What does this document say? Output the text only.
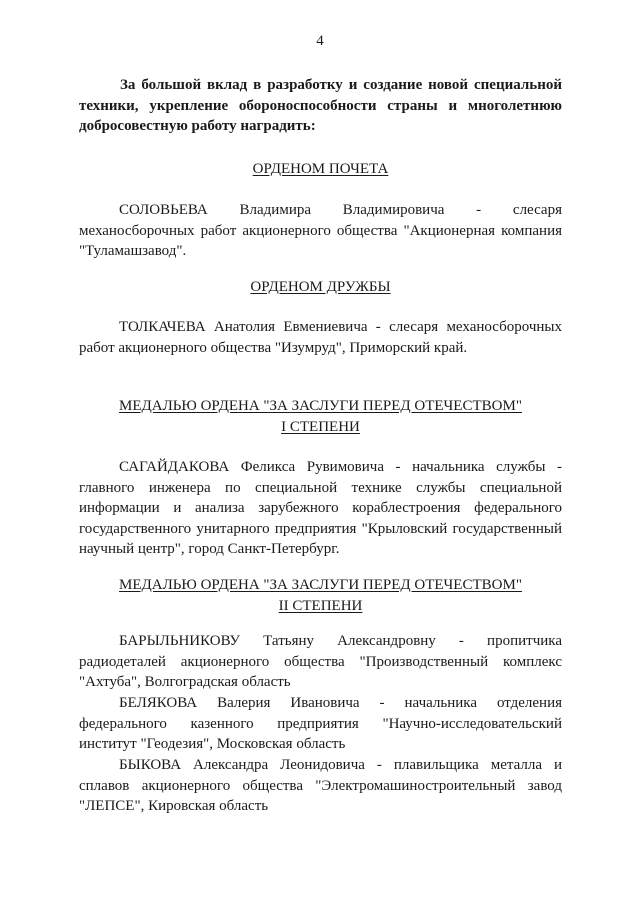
4
За большой вклад в разработку и создание новой специальной техники, укрепление обороноспособности страны и многолетнюю добросовестную работу наградить:
ОРДЕНОМ ПОЧЕТА

СОЛОВЬЕВА Владимира Владимировича - слесаря механосборочных работ акционерного общества "Акционерная компания "Туламашзавод".

ОРДЕНОМ ДРУЖБЫ

ТОЛКАЧЕВА Анатолия Евмениевича - слесаря механосборочных работ акционерного общества "Изумруд", Приморский край.

МЕДАЛЬЮ ОРДЕНА "ЗА ЗАСЛУГИ ПЕРЕД ОТЕЧЕСТВОМ"
I СТЕПЕНИ

САГАЙДАКОВА Феликса Рувимовича - начальника службы - главного инженера по специальной технике службы специальной информации и анализа зарубежного кораблестроения федерального государственного унитарного предприятия "Крыловский государственный научный центр", город Санкт-Петербург.

МЕДАЛЬЮ ОРДЕНА "ЗА ЗАСЛУГИ ПЕРЕД ОТЕЧЕСТВОМ"
II СТЕПЕНИ

БАРЫЛЬНИКОВУ Татьяну Александровну - пропитчика радиодеталей акционерного общества "Производственный комплекс "Ахтуба", Волгоградская область

БЕЛЯКОВА Валерия Ивановича - начальника отделения федерального казенного предприятия "Научно-исследовательский институт "Геодезия", Московская область

БЫКОВА Александра Леонидовича - плавильщика металла и сплавов акционерного общества "Электромашиностроительный завод "ЛЕПСЕ", Кировская область
